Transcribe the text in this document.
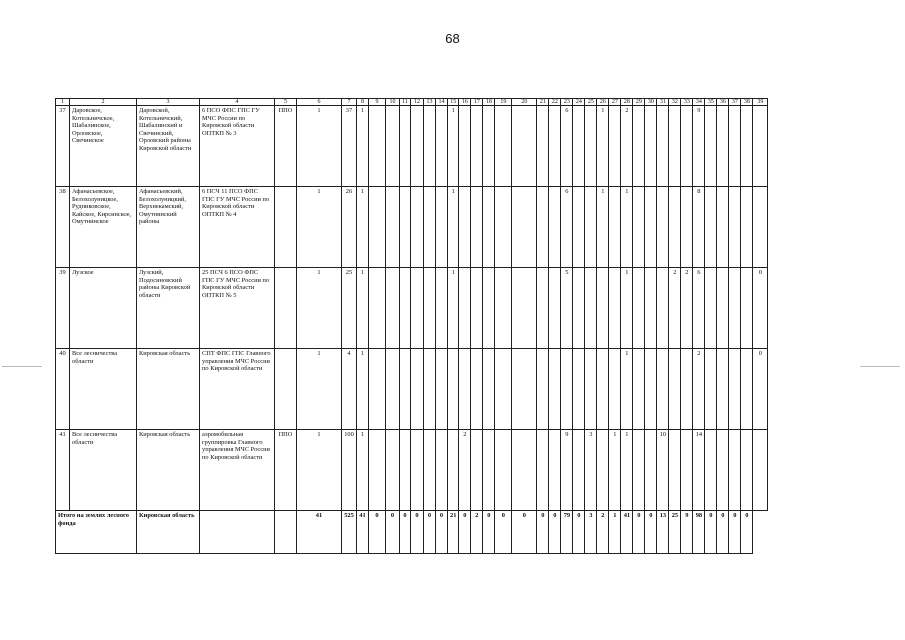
68
1	2	3	4	5	6	7	8	9	10	11	12	13	14	15	16	17	18	19	20	21	22	23	24	25	26	27	28	29	30	31	32	33	34	35	36	37	38	39
37	Даровское, Котельничское, Шабалинское, Орловское, Свечинское	Даровской, Котельничский, Шабалинский и Свечинский, Орловский районы Кировской области	6 ПСО ФПС ГПС ГУ МЧС России по Кировской области ОПТКП № 3	ППО	1	37	1							1								6			1		2						9					
38	Афанасьевское, Белохолуницкое, Рудниковское, Кайское, Кирсинское, Омутнинское	Афанасьевский, Белохолуницкий, Верхнекамский, Омутнинский районы	6 ПСЧ 11 ПСО ФПС ГПС ГУ МЧС России по Кировской области ОПТКП № 4		1	26	1							1								6			1		1						8					
39	Лузское	Лузский, Подосиновский районы Кировской области	25 ПСЧ 6 ПСО ФПС ГПС ГУ МЧС России по Кировской области ОПТКП № 5		1	25	1							1								5					1				2	2	6					0
40	Все лесничества области	Кировская область	СПТ ФПС ГПС Главного управления МЧС России по Кировской области		1	4	1																				1						2					0
41	Все лесничества области	Кировская область	аэромобильная группировка Главного управления МЧС России по Кировской области	ППО	1	100	1								2							9		3		1	1			10			14					
Итого на землях лесного фонда		Кировская область			41	525	41	0	0	0	0	0	0	21	0	2	0	0	0	0	0	79	0	3	2	1	41	0	0	13	25	9	98	0	0	0	0	
